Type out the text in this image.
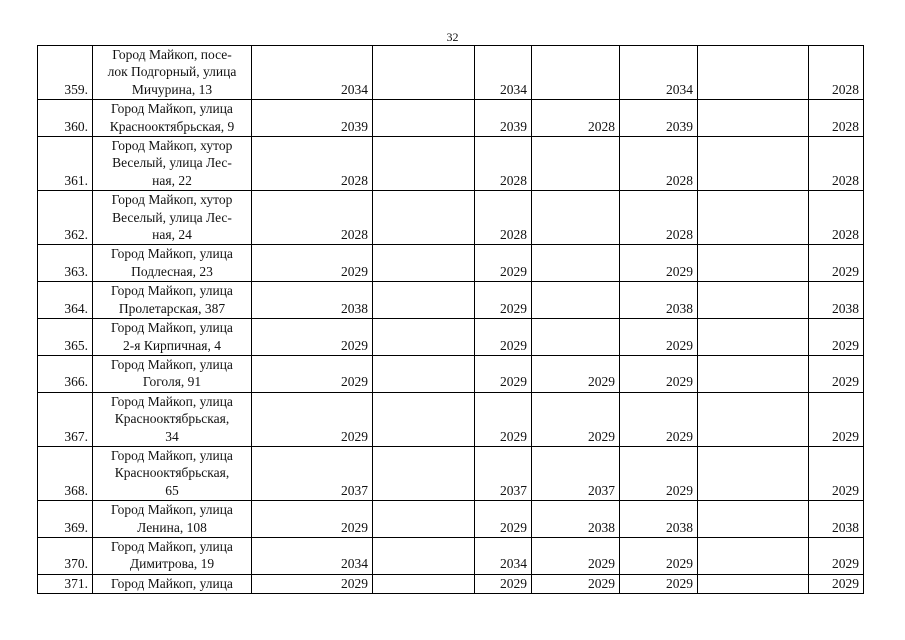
32
359.	Город Майкоп, посе-
лок Подгорный, улица
Мичурина, 13	2034		2034		2034		2028
360.	Город Майкоп, улица
Краснооктябрьская, 9	2039		2039	2028	2039		2028
361.	Город Майкоп, хутор
Веселый, улица Лес-
ная, 22	2028		2028		2028		2028
362.	Город Майкоп, хутор
Веселый, улица Лес-
ная, 24	2028		2028		2028		2028
363.	Город Майкоп, улица
Подлесная, 23	2029		2029		2029		2029
364.	Город Майкоп, улица
Пролетарская, 387	2038		2029		2038		2038
365.	Город Майкоп, улица
2-я Кирпичная, 4	2029		2029		2029		2029
366.	Город Майкоп, улица
Гоголя, 91	2029		2029	2029	2029		2029
367.	Город Майкоп, улица
Краснооктябрьская,
34	2029		2029	2029	2029		2029
368.	Город Майкоп, улица
Краснооктябрьская,
65	2037		2037	2037	2029		2029
369.	Город Майкоп, улица
Ленина, 108	2029		2029	2038	2038		2038
370.	Город Майкоп, улица
Димитрова, 19	2034		2034	2029	2029		2029
371.	Город Майкоп, улица	2029		2029	2029	2029		2029
